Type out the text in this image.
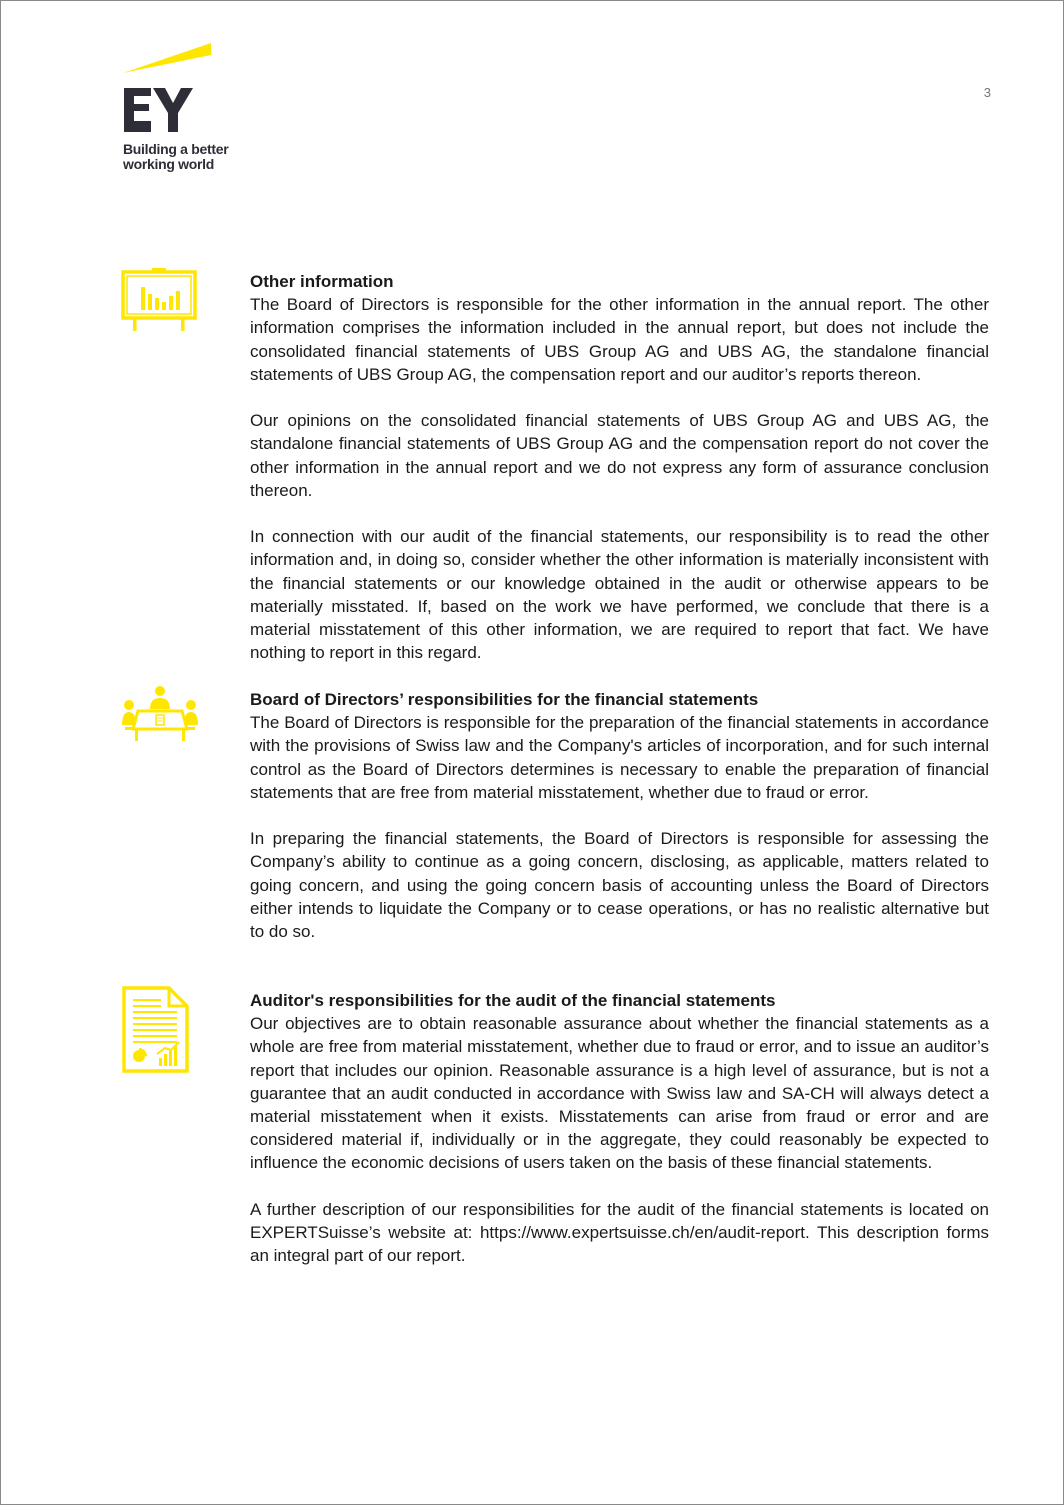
Building a better
working world
3
Other information

The Board of Directors is responsible for the other information in the annual report. The other information comprises the information included in the annual report, but does not include the consolidated financial statements of UBS Group AG and UBS AG, the standalone financial statements of UBS Group AG, the compensation report and our auditor’s reports thereon.

Our opinions on the consolidated financial statements of UBS Group AG and UBS AG, the standalone financial statements of UBS Group AG and the compensation report do not cover the other information in the annual report and we do not express any form of assurance conclusion thereon.

In connection with our audit of the financial statements, our responsibility is to read the other information and, in doing so, consider whether the other information is materially inconsistent with the financial statements or our knowledge obtained in the audit or otherwise appears to be materially misstated. If, based on the work we have performed, we conclude that there is a material misstatement of this other information, we are required to report that fact. We have nothing to report in this regard.

Board of Directors’ responsibilities for the financial statements

The Board of Directors is responsible for the preparation of the financial statements in accordance with the provisions of Swiss law and the Company's articles of incorporation, and for such internal control as the Board of Directors determines is necessary to enable the preparation of financial statements that are free from material misstatement, whether due to fraud or error.

In preparing the financial statements, the Board of Directors is responsible for assessing the Company’s ability to continue as a going concern, disclosing, as applicable, matters related to going concern, and using the going concern basis of accounting unless the Board of Directors either intends to liquidate the Company or to cease operations, or has no realistic alternative but to do so.

Auditor's responsibilities for the audit of the financial statements

Our objectives are to obtain reasonable assurance about whether the financial statements as a whole are free from material misstatement, whether due to fraud or error, and to issue an auditor’s report that includes our opinion. Reasonable assurance is a high level of assurance, but is not a guarantee that an audit conducted in accordance with Swiss law and SA-CH will always detect a material misstatement when it exists. Misstatements can arise from fraud or error and are considered material if, individually or in the aggregate, they could reasonably be expected to influence the economic decisions of users taken on the basis of these financial statements.

A further description of our responsibilities for the audit of the financial statements is located on EXPERTSuisse’s website at: https://www.expertsuisse.ch/en/audit-report. This description forms an integral part of our report.
